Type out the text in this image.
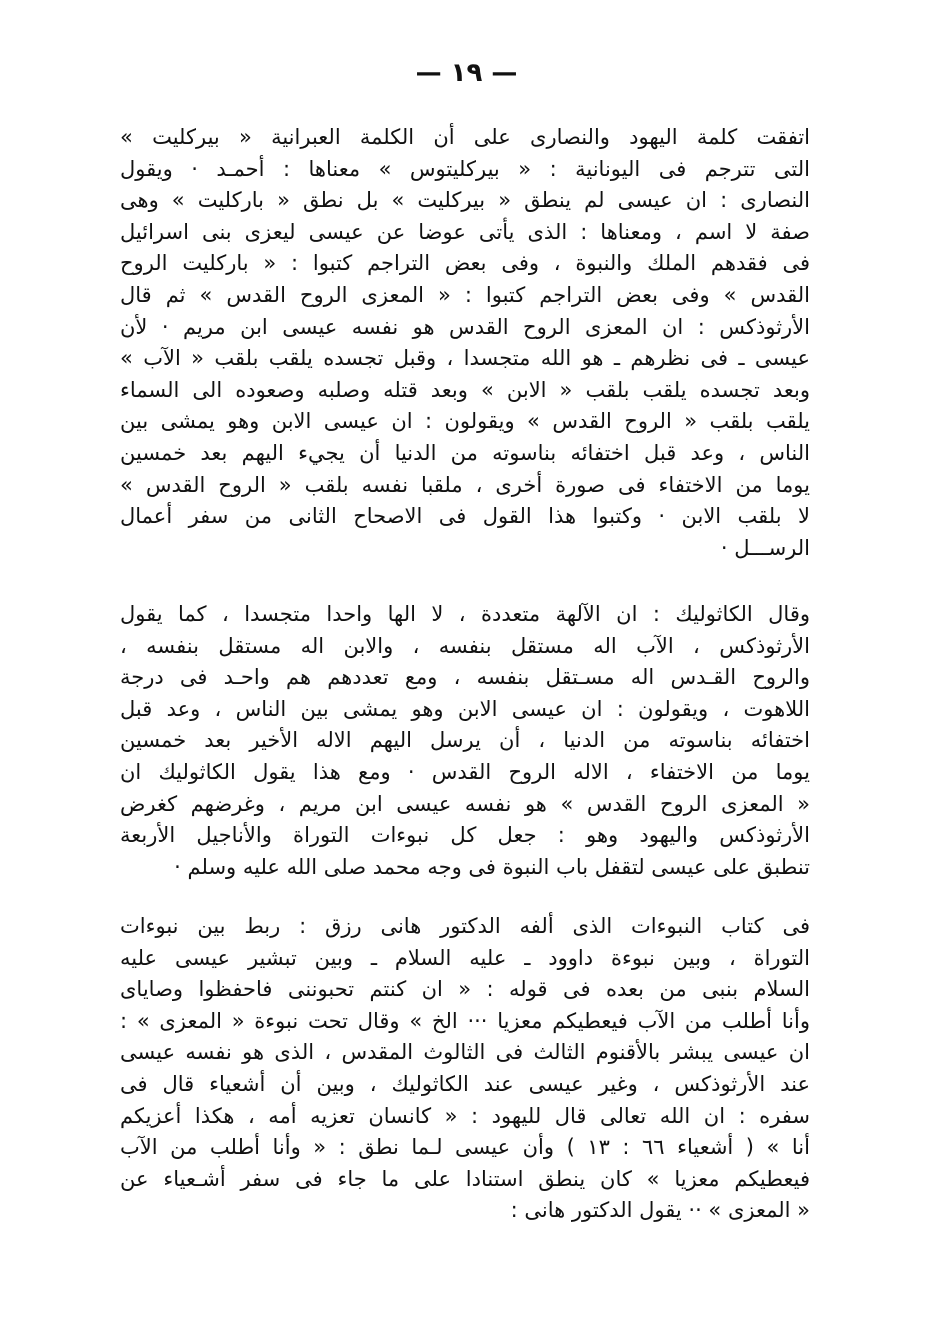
— ١٩ —

اتفقت كلمة اليهود والنصارى على أن الكلمة العبرانية « بيركليت »
التى تترجم فى اليونانية : « بيركليتوس » معناها : أحمـد · ويقول
النصارى : ان عيسى لم ينطق « بيركليت » بل نطق « باركليت » وهى
صفة لا اسم ، ومعناها : الذى يأتى عوضا عن عيسى ليعزى بنى اسرائيل
فى فقدهم الملك والنبوة ، وفى بعض التراجم كتبوا : « باركليت الروح
القدس » وفى بعض التراجم كتبوا : « المعزى الروح القدس » ثم قال
الأرثوذكس : ان المعزى الروح القدس هو نفسه عيسى ابن مريم · لأن
عيسى ـ فى نظرهم ـ هو الله متجسدا ، وقبل تجسده يلقب بلقب « الآب »
وبعد تجسده يلقب بلقب « الابن » وبعد قتله وصلبه وصعوده الى السماء
يلقب بلقب « الروح القدس » ويقولون : ان عيسى الابن وهو يمشى بين
الناس ، وعد قبل اختفائه بناسوته من الدنيا أن يجيء اليهم بعد خمسين
يوما من الاختفاء فى صورة أخرى ، ملقبا نفسه بلقب « الروح القدس »
لا بلقب الابن · وكتبوا هذا القول فى الاصحاح الثانى من سفر أعمال
الرســـل ·

وقال الكاثوليك : ان الآلهة متعددة ، لا الها واحدا متجسدا ، كما يقول
الأرثوذكس ، الآب اله مستقل بنفسه ، والابن اله مستقل بنفسه ،
والروح القـدس اله مسـتقل بنفسه ، ومع تعددهم هم واحـد فى درجة
اللاهوت ، ويقولون : ان عيسى الابن وهو يمشى بين الناس ، وعد قبل
اختفائه بناسوته من الدنيا ، أن يرسل اليهم الاله الأخير بعد خمسين
يوما من الاختفاء ، الاله الروح القدس · ومع هذا يقول الكاثوليك ان
« المعزى الروح القدس » هو نفسه عيسى ابن مريم ، وغرضهم كغرض
الأرثوذكس واليهود وهو : جعل كل نبوءات التوراة والأناجيل الأربعة
تنطبق على عيسى لتقفل باب النبوة فى وجه محمد صلى الله عليه وسلم ·

فى كتاب النبوءات الذى ألفه الدكتور هانى رزق : ربط بين نبوءات
التوراة ، وبين نبوءة داوود ـ عليه السلام ـ وبين تبشير عيسى عليه
السلام بنبى من بعده فى قوله : « ان كنتم تحبوننى فاحفظوا وصاياى
وأنا أطلب من الآب فيعطيكم معزيا ··· الخ » وقال تحت نبوءة « المعزى » :
ان عيسى يبشر بالأقنوم الثالث فى الثالوث المقدس ، الذى هو نفسه عيسى
عند الأرثوذكس ، وغير عيسى عند الكاثوليك ، وبين أن أشعياء قال فى
سفره : ان الله تعالى قال لليهود : « كانسان تعزيه أمه ، هكذا أعزيكم
أنا » ( أشعياء ٦٦ : ١٣ ) وأن عيسى لـما نطق : « وأنا أطلب من الآب
فيعطيكم معزيا » كان ينطق استنادا على ما جاء فى سفر أشـعياء عن
« المعزى » ·· يقول الدكتور هانى :
